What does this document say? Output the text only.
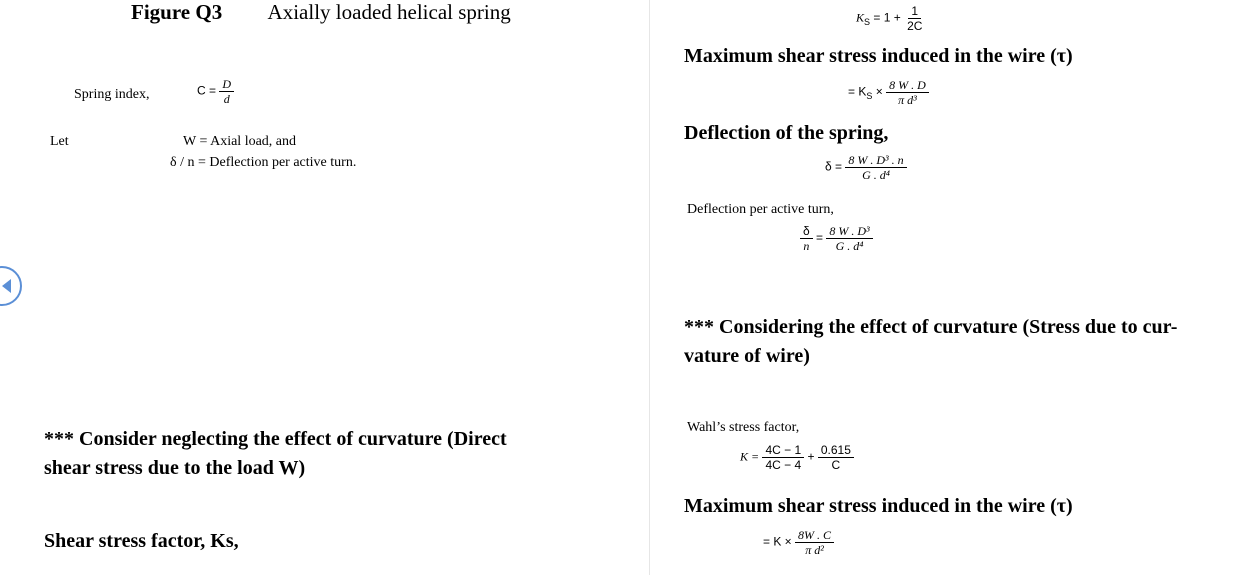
Figure Q3 Axially loaded helical spring
Spring index,	$C = \frac{D}{d}$
Let	W = Axial load, and
δ / n = Deflection per active turn.
*** Consider neglecting the effect of curvature (Direct
shear stress due to the load W)
Shear stress factor, Ks,
$K_S = 1 + \frac{1}{2C}$
Maximum shear stress induced in the wire (τ)
= $K_S \times \frac{8 W . D}{\text{π d³}}$
Deflection of the spring,
$\delta = \frac{\text{8 W . D³ . n}}{\text{G . d⁴}}$
Deflection per active turn,
$\frac{\delta}{n} = \frac{\text{8 W . D³}}{\text{G . d⁴}}$
*** Considering the effect of curvature (Stress due to cur-
vature of wire)
Wahl’s stress factor,
$K = \frac{4C - 1}{4C - 4} + \frac{0.615}{C}$
Maximum shear stress induced in the wire (τ)
= $K \times \frac{8W . C}{\text{π d²}}$
